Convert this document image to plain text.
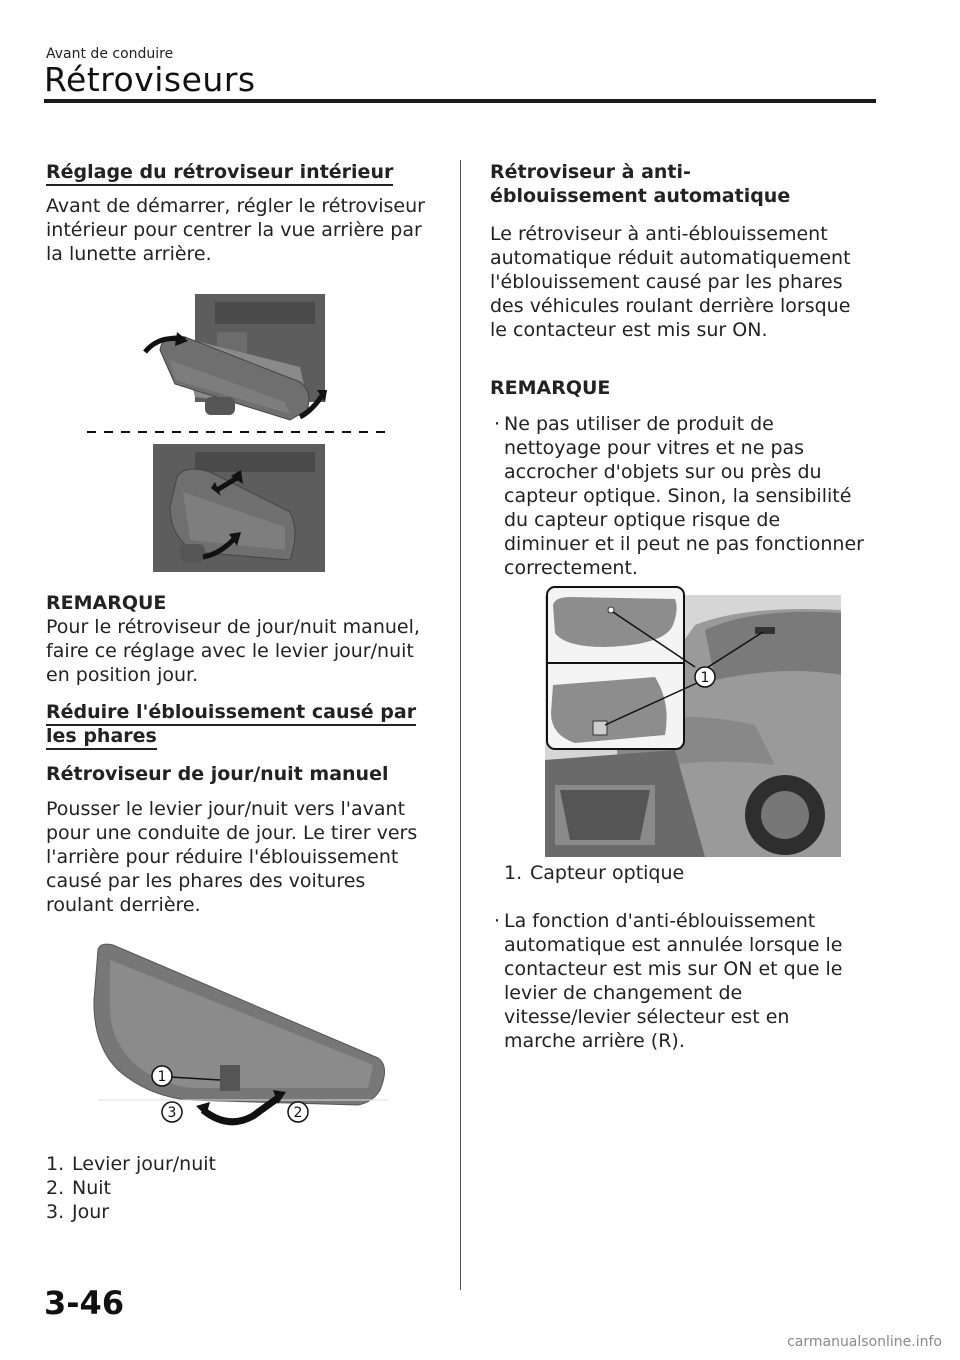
Avant de conduire
Rétroviseurs

Réglage du rétroviseur intérieur

Avant de démarrer, régler le rétroviseur intérieur pour centrer la vue arrière par la lunette arrière.

REMARQUE

Pour le rétroviseur de jour/nuit manuel, faire ce réglage avec le levier jour/nuit en position jour.

Réduire l'éblouissement causé par les phares

Rétroviseur de jour/nuit manuel

Pousser le levier jour/nuit vers l'avant pour une conduite de jour. Le tirer vers l'arrière pour réduire l'éblouissement causé par les phares des voitures roulant derrière.

1
2
3
1. Levier jour/nuit
2. Nuit
3. Jour

Rétroviseur à anti-éblouissement automatique

Le rétroviseur à anti-éblouissement automatique réduit automatiquement l'éblouissement causé par les phares des véhicules roulant derrière lorsque le contacteur est mis sur ON.

REMARQUE

· Ne pas utiliser de produit de nettoyage pour vitres et ne pas accrocher d'objets sur ou près du capteur optique. Sinon, la sensibilité du capteur optique risque de diminuer et il peut ne pas fonctionner correctement.
1
1. Capteur optique
· La fonction d'anti-éblouissement automatique est annulée lorsque le contacteur est mis sur ON et que le levier de changement de vitesse/levier sélecteur est en marche arrière (R).
3-46
carmanualsonline.info
